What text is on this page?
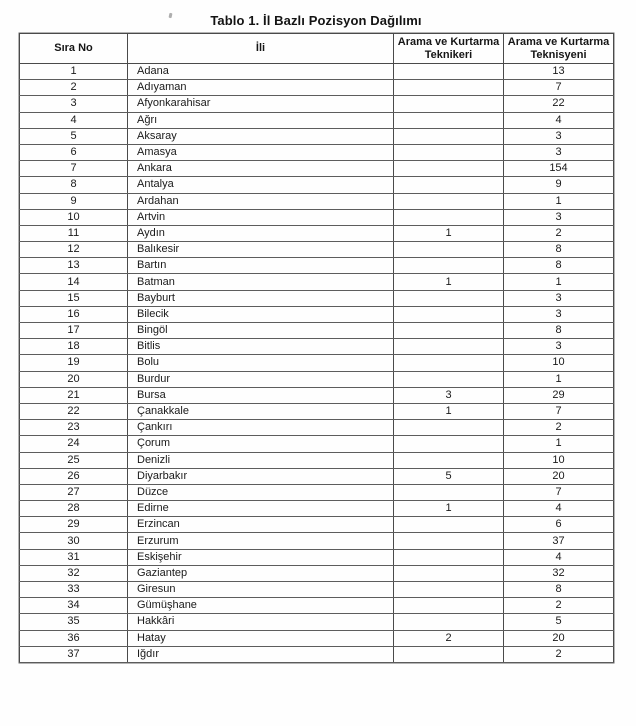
Tablo 1. İl Bazlı Pozisyon Dağılımı
Sıra No	İli	Arama ve Kurtarma Teknikeri	Arama ve Kurtarma Teknisyeni
1	Adana		13
2	Adıyaman		7
3	Afyonkarahisar		22
4	Ağrı		4
5	Aksaray		3
6	Amasya		3
7	Ankara		154
8	Antalya		9
9	Ardahan		1
10	Artvin		3
11	Aydın	1	2
12	Balıkesir		8
13	Bartın		8
14	Batman	1	1
15	Bayburt		3
16	Bilecik		3
17	Bingöl		8
18	Bitlis		3
19	Bolu		10
20	Burdur		1
21	Bursa	3	29
22	Çanakkale	1	7
23	Çankırı		2
24	Çorum		1
25	Denizli		10
26	Diyarbakır	5	20
27	Düzce		7
28	Edirne	1	4
29	Erzincan		6
30	Erzurum		37
31	Eskişehir		4
32	Gaziantep		32
33	Giresun		8
34	Gümüşhane		2
35	Hakkâri		5
36	Hatay	2	20
37	Iğdır		2
